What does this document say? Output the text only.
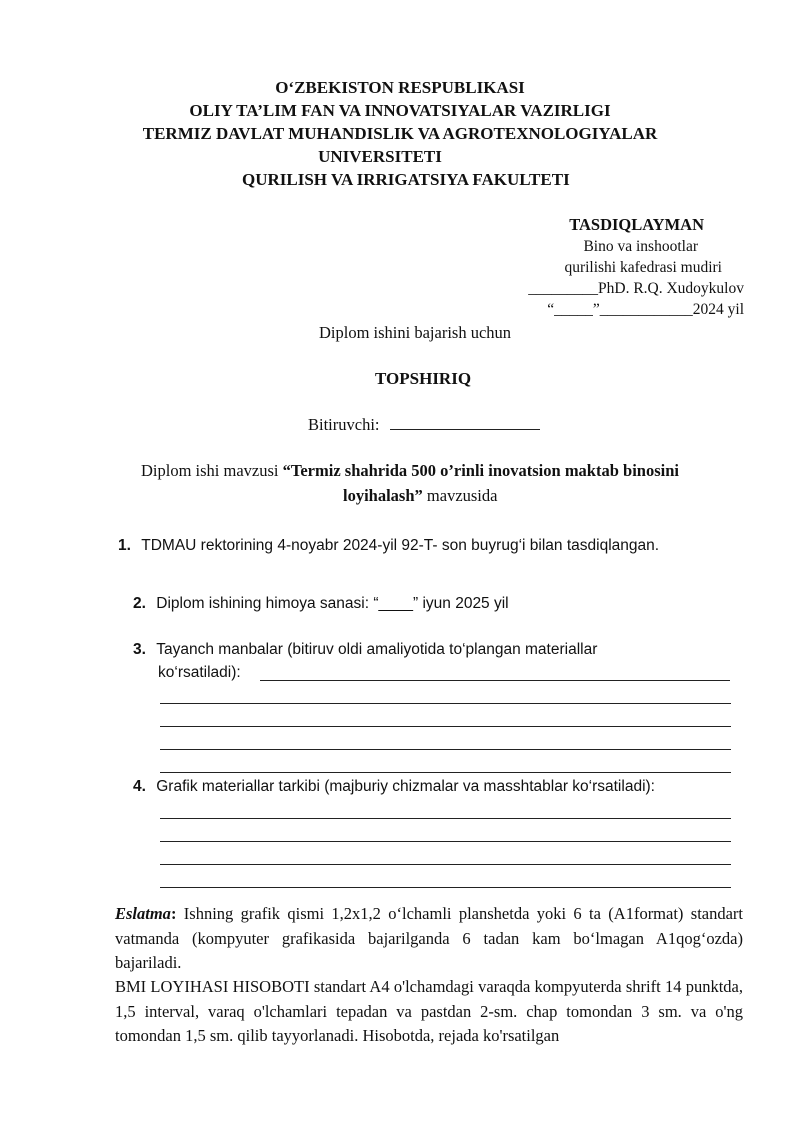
O‘ZBEKISTON RESPUBLIKASI
OLIY TA’LIM FAN VA INNOVATSIYALAR VAZIRLIGI
TERMIZ DAVLAT MUHANDISLIK VA AGROTEXNOLOGIYALAR
UNIVERSITETI
QURILISH VA IRRIGATSIYA FAKULTETI
TASDIQLAYMAN
Bino va inshootlar
qurilishi kafedrasi mudiri
_________PhD. R.Q. Xudoykulov
“_____”____________2024 yil
Diplom ishini bajarish uchun
TOPSHIRIQ
Bitiruvchi:
Diplom ishi mavzusi “Termiz shahrida 500 o’rinli inovatsion maktab binosini
loyihalash” mavzusida
1. TDMAU rektorining 4-noyabr 2024-yil 92-T- son buyrug‘i bilan tasdiqlangan.
2. Diplom ishining himoya sanasi: “____” iyun 2025 yil
3. Tayanch manbalar (bitiruv oldi amaliyotida to‘plangan materiallar
ko‘rsatiladi):
4. Grafik materiallar tarkibi (majburiy chizmalar va masshtablar ko‘rsatiladi):
Eslatma: Ishning grafik qismi 1,2x1,2 o‘lchamli planshetda yoki 6 ta (A1format) standart vatmanda (kompyuter grafikasida bajarilganda 6 tadan kam bo‘lmagan A1qog‘ozda) bajariladi.
BMI LOYIHASI HISOBOTI standart A4 o'lchamdagi varaqda kompyuterda shrift 14 punktda, 1,5 interval, varaq o'lchamlari tepadan va pastdan 2-sm. chap tomondan 3 sm. va o'ng tomondan 1,5 sm. qilib tayyorlanadi. Hisobotda, rejada ko'rsatilgan
